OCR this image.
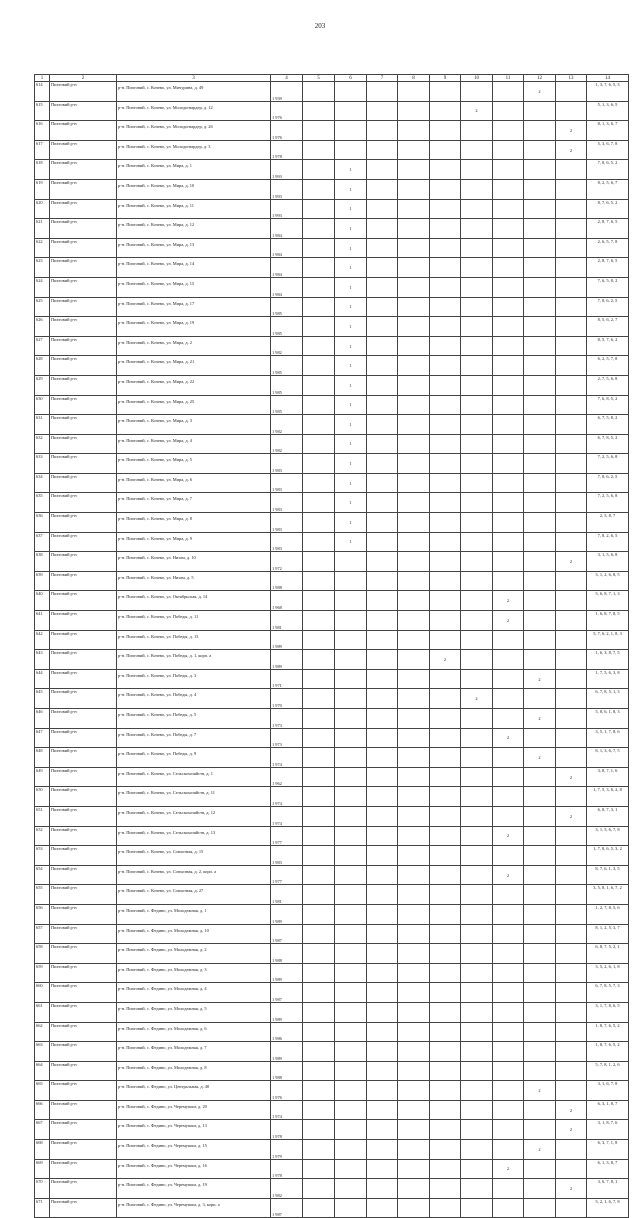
203
1	2	3	4	5	6	7	8	9	10	11	12	13	14
614	Пихтовий р-н	р-н. Пихтовий, с. Кочево, ул. Мичурина, д. 49	1 939								2		1, 3, 7, 6, 5, 3
615	Пихтовий р-н	р-н. Пихтовий, с. Кочево, ул. Молодогвардер, д. 12	1 976						2				5, 1, 3, 6, 5
616	Пихтовий р-н	р-н. Пихтовий, с. Кочево, ул. Молодогвардер, д. 26	1 976									2	8, 1, 3, 6, 7
617	Пихтовий р-н	р-н. Пихтовий, с. Кочево, ул. Молодогвардер, д. 3	1 978									2	5, 3, 6, 7, 8
618	Пихтовий р-н	р-н. Пихтовий, с. Кочево, ул. Мира, д. 1	1 993		1								7, 8, 6, 5, 2
619	Пихтовий р-н	р-н. Пихтовий, с. Кочево, ул. Мира, д. 10	1 993		1								8, 2, 5, 6, 7
620	Пихтовий р-н	р-н. Пихтовий, с. Кочево, ул. Мира, д. 11	1 993		1								8, 7, 6, 5, 2
621	Пихтовий р-н	р-н. Пихтовий, с. Кочево, ул. Мира, д. 12	1 984		1								2, 8, 7, 6, 5
622	Пихтовий р-н	р-н. Пихтовий, с. Кочево, ул. Мира, д. 13	1 984		1								2, 6, 5, 7, 8
623	Пихтовий р-н	р-н. Пихтовий, с. Кочево, ул. Мира, д. 14	1 984		1								2, 8, 7, 6, 5
624	Пихтовий р-н	р-н. Пихтовий, с. Кочево, ул. Мира, д. 15	1 984		1								7, 6, 5, 8, 2
625	Пихтовий р-н	р-н. Пихтовий, с. Кочево, ул. Мира, д. 17	1 985		1								7, 8, 6, 2, 5
626	Пихтовий р-н	р-н. Пихтовий, с. Кочево, ул. Мира, д. 19	1 985		1								8, 5, 6, 2, 7
627	Пихтовий р-н	р-н. Пихтовий, с. Кочево, ул. Мира, д. 2	1 982		1								8, 5, 7, 6, 2
628	Пихтовий р-н	р-н. Пихтовий, с. Кочево, ул. Мира, д. 21	1 985		1								6, 2, 5, 7, 8
629	Пихтовий р-н	р-н. Пихтовий, с. Кочево, ул. Мира, д. 22	1 985		1								2, 7, 5, 6, 8
630	Пихтовий р-н	р-н. Пихтовий, с. Кочево, ул. Мира, д. 25	1 985		1								7, 6, 8, 5, 2
631	Пихтовий р-н	р-н. Пихтовий, с. Кочево, ул. Мира, д. 3	1 982		1								6, 7, 5, 8, 2
632	Пихтовий р-н	р-н. Пихтовий, с. Кочево, ул. Мира, д. 4	1 982		1								6, 7, 8, 5, 2
633	Пихтовий р-н	р-н. Пихтовий, с. Кочево, ул. Мира, д. 5	1 983		1								7, 2, 5, 6, 8
634	Пихтовий р-н	р-н. Пихтовий, с. Кочево, ул. Мира, д. 6	1 983		1								7, 8, 6, 2, 5
635	Пихтовий р-н	р-н. Пихтовий, с. Кочево, ул. Мира, д. 7	1 983		1								7, 2, 5, 6, 8
636	Пихтовий р-н	р-н. Пихтовий, с. Кочево, ул. Мира, д. 8	1 983		1								2, 5, 8, 7
637	Пихтовий р-н	р-н. Пихтовий, с. Кочево, ул. Мира, д. 9	1 983		1								7, 8, 2, 6, 5
638	Пихтовий р-н	р-н. Пихтовий, с. Кочево, ул. Низам, д. 10	1 972									2	3, 1, 5, 6, 8
639	Пихтовий р-н	р-н. Пихтовий, с. Кочево, ул. Низам, д. 5	1 988										3, 1, 2, 6, 8, 5
640	Пихтовий р-н	р-н. Пихтовий, с. Кочево, ул. Октябрьская, д. 14	1 968							2			5, 6, 8, 7, 1, 3
641	Пихтовий р-н	р-н. Пихтовий, с. Кочево, ул. Победы, д. 11	1 981							2			1, 6, 8, 7, 8, 5
642	Пихтовий р-н	р-н. Пихтовий, с. Кочево, ул. Победы, д. 13	1 989										5, 7, 6, 2, 1, 8, 3
643	Пихтовий р-н	р-н. Пихтовий, с. Кочево, ул. Победы, д. 1, корп. а	1 989					2					1, 6, 3, 8, 7, 5
644	Пихтовий р-н	р-н. Пихтовий, с. Кочево, ул. Победы, д. 3	1 971								2		1, 7, 5, 6, 3, 8
645	Пихтовий р-н	р-н. Пихтовий, с. Кочево, ул. Победы, д. 4	1 970						2				6, 7, 8, 5, 1, 3
646	Пихтовий р-н	р-н. Пихтовий, с. Кочево, ул. Победы, д. 5	1 973								2		5, 8, 6, 1, 8, 3
647	Пихтовий р-н	р-н. Пихтовий, с. Кочево, ул. Победы, д. 7	1 973							2			3, 5, 1, 7, 8, 6
648	Пихтовий р-н	р-н. Пихтовий, с. Кочево, ул. Победы, д. 9	1 974								2		8, 1, 3, 6, 7, 5
649	Пихтовий р-н	р-н. Пихтовий, с. Кочево, ул. Сельскохозяйств, д. 1	1 962									2	3, 8, 7, 1, 6
650	Пихтовий р-н	р-н. Пихтовий, с. Кочево, ул. Сельскохозяйств, д. 11	1 974										1, 7, 5, 3, 6, 2, 8
651	Пихтовий р-н	р-н. Пихтовий, с. Кочево, ул. Сельскохозяйств, д. 12	1 974									2	6, 8, 7, 3, 1
652	Пихтовий р-н	р-н. Пихтовий, с. Кочево, ул. Сельскохозяйств, д. 13	1 977							2			3, 1, 5, 6, 7, 8
653	Пихтовий р-н	р-н. Пихтовий, с. Кочево, ул. Совхозная, д. 15	1 983										1, 7, 8, 6, 5, 3, 2
654	Пихтовий р-н	р-н. Пихтовий, с. Кочево, ул. Совхозная, д. 2, корп. а	1 977							2			8, 7, 6, 1, 3, 5
655	Пихтовий р-н	р-н. Пихтовий, с. Кочево, ул. Совхозная, д. 27	1 981										3, 5, 8, 1, 6, 7, 2
656	Пихтовий р-н	р-н. Пихтовий, с. Федино, ул. Молодежная, д. 1	1 989										1, 2, 7, 8, 5, 6
657	Пихтовий р-н	р-н. Пихтовий, с. Федино, ул. Молодежная, д. 10	1 987										8, 1, 2, 5, 3, 7
658	Пихтовий р-н	р-н. Пихтовий, с. Федино, ул. Молодежная, д. 2	1 988										6, 8, 7, 5, 2, 1
659	Пихтовий р-н	р-н. Пихтовий, с. Федино, ул. Молодежная, д. 3	1 989										3, 5, 2, 6, 1, 8
660	Пихтовий р-н	р-н. Пихтовий, с. Федино, ул. Молодежная, д. 4	1 987										6, 7, 8, 5, 7, 3
661	Пихтовий р-н	р-н. Пихтовий, с. Федино, ул. Молодежная, д. 5	1 989										3, 1, 7, 8, 6, 5
662	Пихтовий р-н	р-н. Пихтовий, с. Федино, ул. Молодежная, д. 6	1 986										1, 8, 7, 6, 5, 2
663	Пихтовий р-н	р-н. Пихтовий, с. Федино, ул. Молодежная, д. 7	1 989										1, 8, 7, 6, 5, 2
664	Пихтовий р-н	р-н. Пихтовий, с. Федино, ул. Молодежная, д. 8	1 988										5, 7, 8, 1, 2, 6
665	Пихтовий р-н	р-н. Пихтовий, с. Федино, ул. Центральная, д. 40	1 976								2		3, 1, 6, 7, 8
666	Пихтовий р-н	р-н. Пихтовий, с. Федино, ул. Черемушки, д. 20	1 974									2	6, 3, 1, 8, 7
667	Пихтовий р-н	р-н. Пихтовий, с. Федино, ул. Черемушки, д. 13	1 978									2	3, 1, 8, 7, 6
668	Пихтовий р-н	р-н. Пихтовий, с. Федино, ул. Черемушки, д. 15	1 979								2		6, 3, 7, 1, 8
669	Пихтовий р-н	р-н. Пихтовий, с. Федино, ул. Черемушки, д. 16	1 978							2			6, 1, 3, 8, 7
670	Пихтовий р-н	р-н. Пихтовий, с. Федино, ул. Черемушки, д. 19	1 982									2	3, 6, 7, 8, 1
671	Пихтовий р-н	р-н. Пихтовий, с. Федино, ул. Черемушки, д. 3, корп. а	1 987										5, 2, 1, 6, 7, 8
